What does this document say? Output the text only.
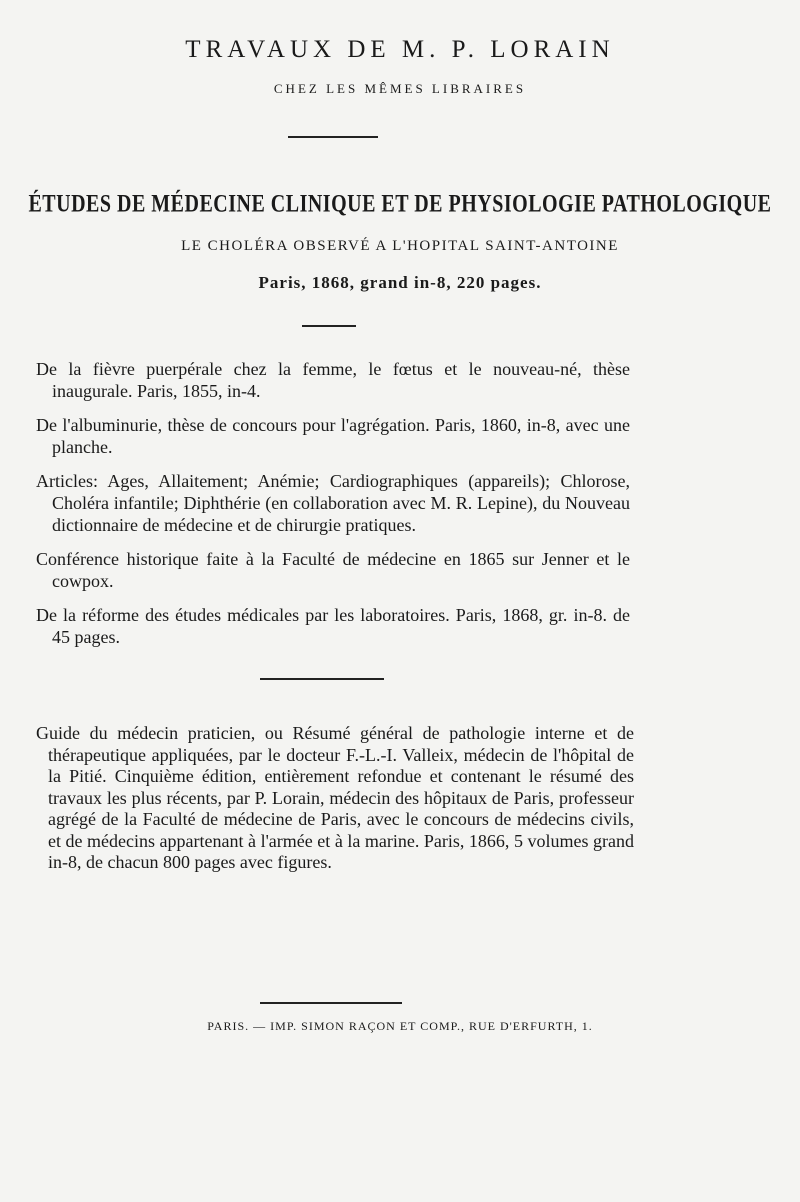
TRAVAUX DE M. P. LORAIN
CHEZ LES MÊMES LIBRAIRES
ÉTUDES DE MÉDECINE CLINIQUE ET DE PHYSIOLOGIE PATHOLOGIQUE
LE CHOLÉRA OBSERVÉ A L'HOPITAL SAINT-ANTOINE
Paris, 1868, grand in-8, 220 pages.
De la fièvre puerpérale chez la femme, le fœtus et le nouveau-né, thèse inaugurale. Paris, 1855, in-4.
De l'albuminurie, thèse de concours pour l'agrégation. Paris, 1860, in-8, avec une planche.
Articles: Ages, Allaitement; Anémie; Cardiographiques (appareils); Chlorose, Choléra infantile; Diphthérie (en collaboration avec M. R. Lepine), du Nouveau dictionnaire de médecine et de chirurgie pratiques.
Conférence historique faite à la Faculté de médecine en 1865 sur Jenner et le cowpox.
De la réforme des études médicales par les laboratoires. Paris, 1868, gr. in-8. de 45 pages.
Guide du médecin praticien, ou Résumé général de pathologie interne et de thérapeutique appliquées, par le docteur F.-L.-I. Valleix, médecin de l'hôpital de la Pitié. Cinquième édition, entièrement refondue et contenant le résumé des travaux les plus récents, par P. Lorain, médecin des hôpitaux de Paris, professeur agrégé de la Faculté de médecine de Paris, avec le concours de médecins civils, et de médecins appartenant à l'armée et à la marine. Paris, 1866, 5 volumes grand in-8, de chacun 800 pages avec figures.
PARIS. — IMP. SIMON RAÇON ET COMP., RUE D'ERFURTH, 1.
